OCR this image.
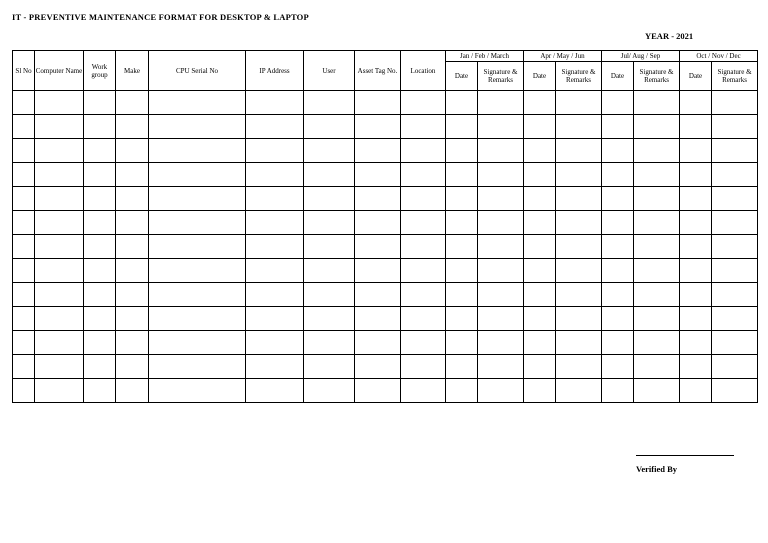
IT - PREVENTIVE MAINTENANCE FORMAT FOR DESKTOP & LAPTOP
YEAR - 2021
Sl No	Computer Name	Work group	Make	CPU Serial No	IP Address	User	Asset Tag No.	Location	Jan / Feb / March		Apr / May / Jun		Jul/ Aug / Sep		Oct / Nov / Dec	
									Date	Signature & Remarks	Date	Signature & Remarks	Date	Signature & Remarks	Date	Signature & Remarks

Verified By
